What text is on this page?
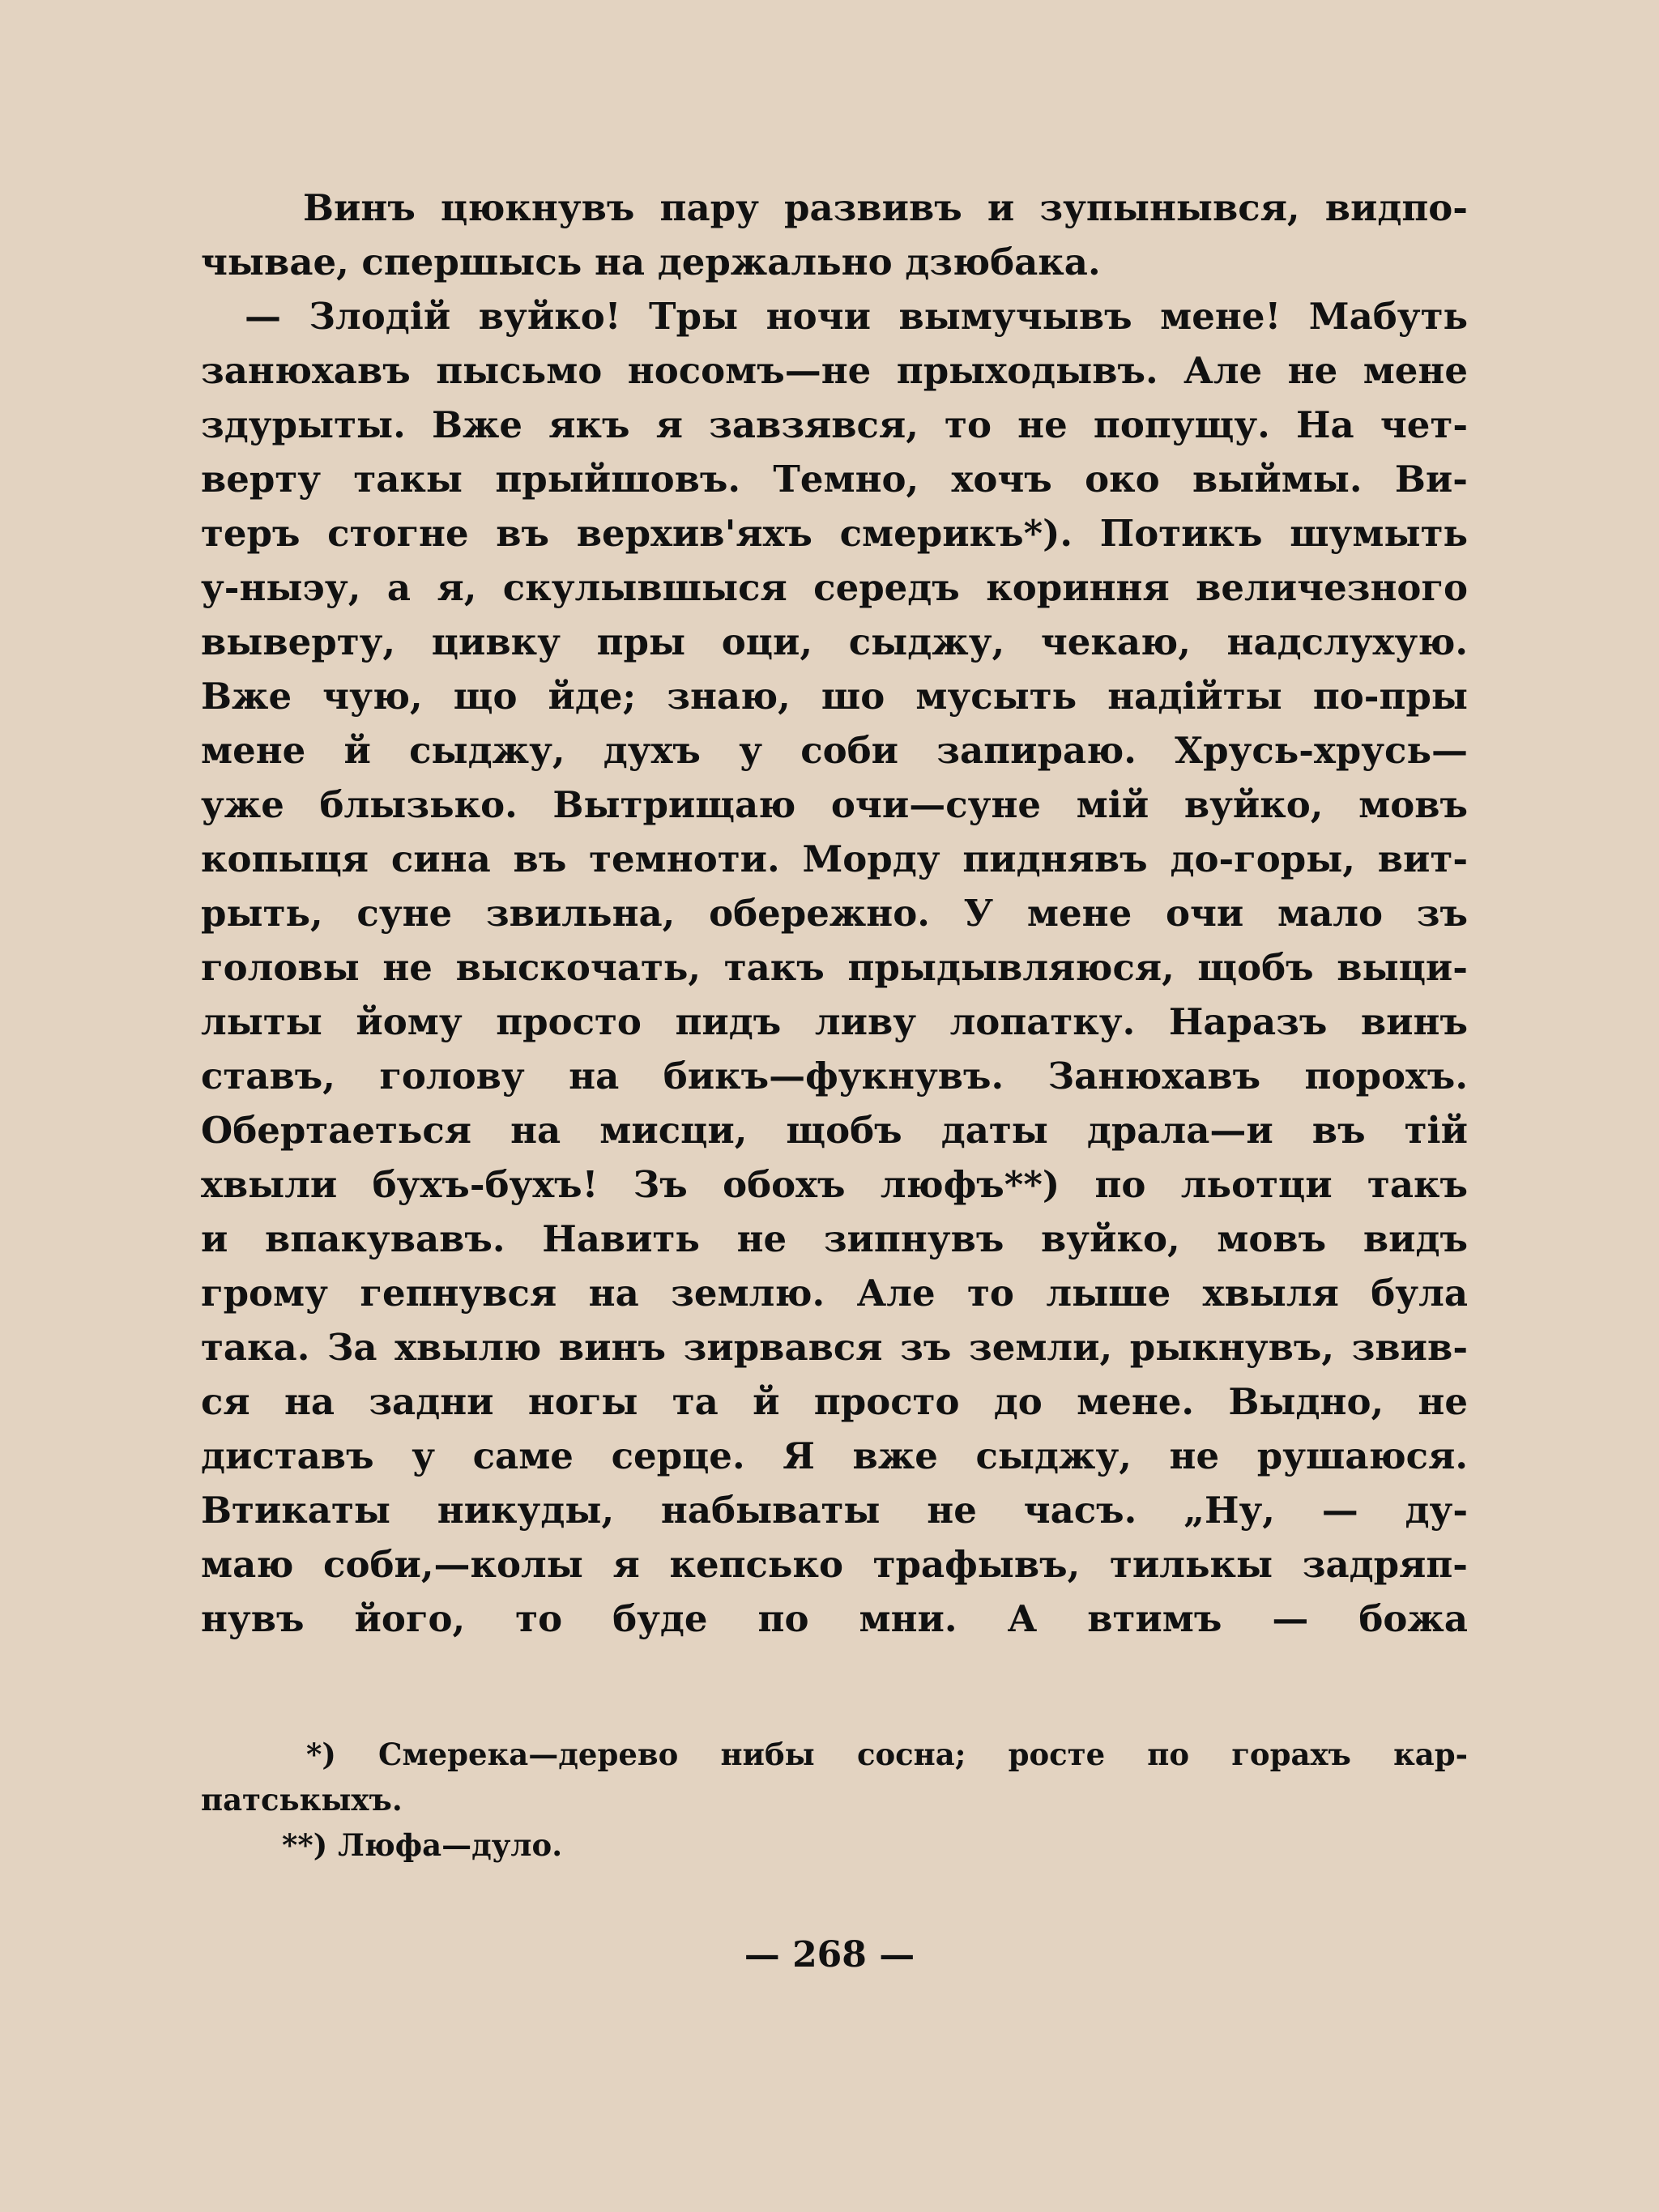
Винъ цюкнувъ пару развивъ и зупынывся, видпо-
чывае, спершысь на держально дзюбака.
— Злодій вуйко! Тры ночи вымучывъ мене! Мабуть
занюхавъ пысьмо носомъ—не прыходывъ. Але не мене
здурыты. Вже якъ я завзявся, то не попущу. На чет-
верту такы прыйшовъ. Темно, хочъ око выймы. Ви-
теръ стогне въ верхив'яхъ смерикъ*). Потикъ шумыть
у-ныэу, а я, скулывшыся середъ кориння величезного
выверту, цивку пры оци, сыджу, чекаю, надслухую.
Вже чую, що йде; знаю, шо мусыть надійты по-пры
мене й сыджу, духъ у соби запираю. Хрусь-хрусь—
уже блызько. Вытрищаю очи—суне мій вуйко, мовъ
копыця сина въ темноти. Морду пиднявъ до-горы, вит-
рыть, суне звильна, обережно. У мене очи мало зъ
головы не выскочать, такъ прыдывляюся, щобъ выци-
лыты йому просто пидъ ливу лопатку. Наразъ винъ
ставъ, голову на бикъ—фукнувъ. Занюхавъ порохъ.
Обертаеться на мисци, щобъ даты драла—и въ тій
хвыли бухъ-бухъ! Зъ обохъ люфъ**) по льотци такъ
и впакувавъ. Навить не зипнувъ вуйко, мовъ видъ
грому гепнувся на землю. Але то лыше хвыля була
така. За хвылю винъ зирвався зъ земли, рыкнувъ, звив-
ся на задни ногы та й просто до мене. Выдно, не
диставъ у саме серце. Я вже сыджу, не рушаюся.
Втикаты никуды, набываты не часъ. „Ну, — ду-
маю соби,—колы я кепсько трафывъ, тилькы задряп-
нувъ його, то буде по мни. А втимъ — божа
*) Смерека—дерево нибы сосна; росте по горахъ кар-
патськыхъ.
**) Люфа—дуло.
— 268 —
